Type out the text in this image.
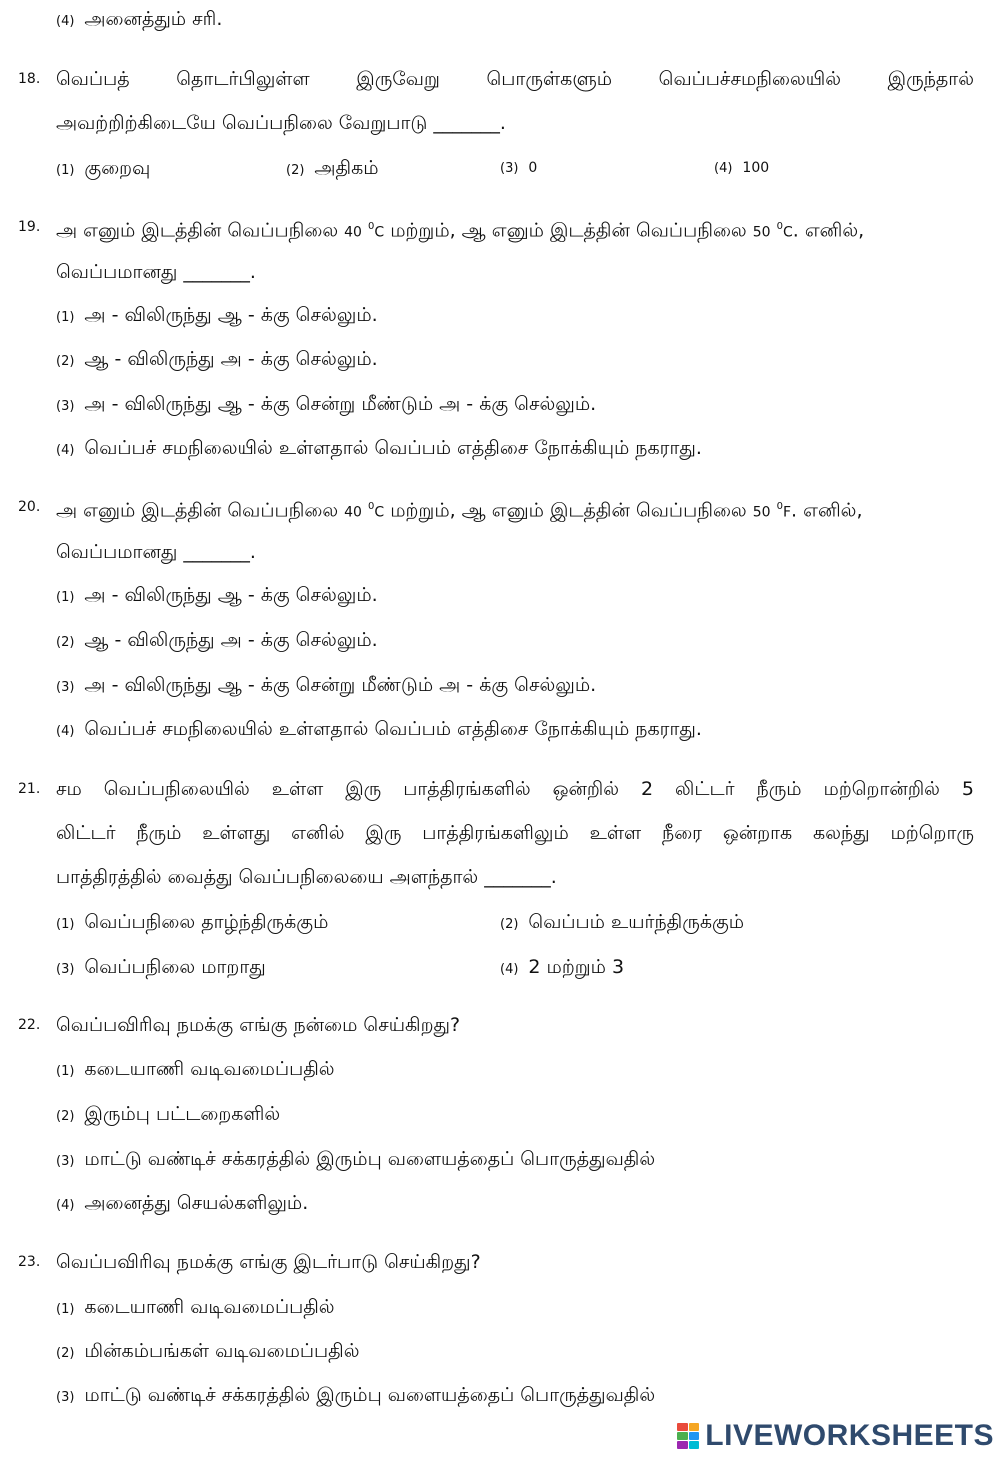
(4) அனைத்தும் சரி.
18. வெப்பத் தொடர்பிலுள்ள இருவேறு பொருள்களும் வெப்பச்சமநிலையில் இருந்தால்
அவற்றிற்கிடையே வெப்பநிலை வேறுபாடு _______.
(1) குறைவு	(2) அதிகம்	(3) 0	(4) 100
19. அ எனும் இடத்தின் வெப்பநிலை 40 $^0$C மற்றும், ஆ எனும் இடத்தின் வெப்பநிலை 50 $^0$C. எனில்,
வெப்பமானது _______.
(1) அ - விலிருந்து ஆ - க்கு செல்லும்.
(2) ஆ - விலிருந்து அ - க்கு செல்லும்.
(3) அ - விலிருந்து ஆ - க்கு சென்று மீண்டும் அ - க்கு செல்லும்.
(4) வெப்பச் சமநிலையில் உள்ளதால் வெப்பம் எத்திசை நோக்கியும் நகராது.
20. அ எனும் இடத்தின் வெப்பநிலை 40 $^0$C மற்றும், ஆ எனும் இடத்தின் வெப்பநிலை 50 $^0$F. எனில்,
வெப்பமானது _______.
(1) அ - விலிருந்து ஆ - க்கு செல்லும்.
(2) ஆ - விலிருந்து அ - க்கு செல்லும்.
(3) அ - விலிருந்து ஆ - க்கு சென்று மீண்டும் அ - க்கு செல்லும்.
(4) வெப்பச் சமநிலையில் உள்ளதால் வெப்பம் எத்திசை நோக்கியும் நகராது.
21. சம வெப்பநிலையில் உள்ள இரு பாத்திரங்களில் ஒன்றில் 2 லிட்டர் நீரும் மற்றொன்றில் 5
லிட்டர் நீரும் உள்ளது எனில் இரு பாத்திரங்களிலும் உள்ள நீரை ஒன்றாக கலந்து மற்றொரு
பாத்திரத்தில் வைத்து வெப்பநிலையை அளந்தால் _______.
(1) வெப்பநிலை தாழ்ந்திருக்கும்	(2) வெப்பம் உயர்ந்திருக்கும்
(3) வெப்பநிலை மாறாது	(4) 2 மற்றும் 3
22. வெப்பவிரிவு நமக்கு எங்கு நன்மை செய்கிறது?
(1) கடையாணி வடிவமைப்பதில்
(2) இரும்பு பட்டறைகளில்
(3) மாட்டு வண்டிச் சக்கரத்தில் இரும்பு வளையத்தைப் பொருத்துவதில்
(4) அனைத்து செயல்களிலும்.
23. வெப்பவிரிவு நமக்கு எங்கு இடர்பாடு செய்கிறது?
(1) கடையாணி வடிவமைப்பதில்
(2) மின்கம்பங்கள் வடிவமைப்பதில்
(3) மாட்டு வண்டிச் சக்கரத்தில் இரும்பு வளையத்தைப் பொருத்துவதில்
LIVEWORKSHEETS
